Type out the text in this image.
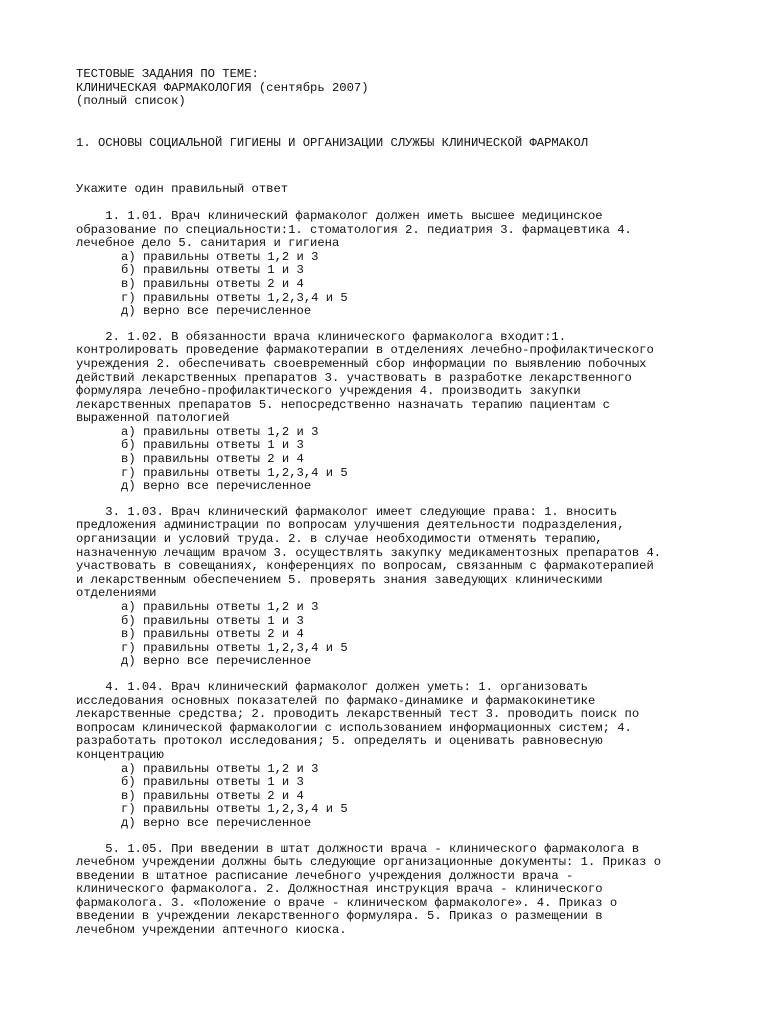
ТЕСТОВЫЕ ЗАДАНИЯ ПО ТЕМЕ:
КЛИНИЧЕСКАЯ ФАРМАКОЛОГИЯ (сентябрь 2007)
(полный список)
1. ОСНОВЫ СОЦИАЛЬНОЙ ГИГИЕНЫ И ОРГАНИЗАЦИИ СЛУЖБЫ КЛИНИЧЕСКОЙ ФАРМАКОЛ
Укажите один правильный ответ
1. 1.01. Врач клинический фармаколог должен иметь высшее медицинское
образование по специальности:1. стоматология 2. педиатрия 3. фармацевтика 4.
лечебное дело 5. санитария и гигиена
а) правильны ответы 1,2 и 3
б) правильны ответы 1 и 3
в) правильны ответы 2 и 4
г) правильны ответы 1,2,3,4 и 5
д) верно все перечисленное
2. 1.02. В обязанности врача клинического фармаколога входит:1.
контролировать проведение фармакотерапии в отделениях лечебно-профилактического
учреждения 2. обеспечивать своевременный сбор информации по выявлению побочных
действий лекарственных препаратов 3. участвовать в разработке лекарственного
формуляра лечебно-профилактического учреждения 4. производить закупки
лекарственных препаратов 5. непосредственно назначать терапию пациентам с
выраженной патологией
а) правильны ответы 1,2 и 3
б) правильны ответы 1 и 3
в) правильны ответы 2 и 4
г) правильны ответы 1,2,3,4 и 5
д) верно все перечисленное
3. 1.03. Врач клинический фармаколог имеет следующие права: 1. вносить
предложения администрации по вопросам улучшения деятельности подразделения,
организации и условий труда. 2. в случае необходимости отменять терапию,
назначенную лечащим врачом 3. осуществлять закупку медикаментозных препаратов 4.
участвовать в совещаниях, конференциях по вопросам, связанным с фармакотерапией
и лекарственным обеспечением 5. проверять знания заведующих клиническими
отделениями
а) правильны ответы 1,2 и 3
б) правильны ответы 1 и 3
в) правильны ответы 2 и 4
г) правильны ответы 1,2,3,4 и 5
д) верно все перечисленное
4. 1.04. Врач клинический фармаколог должен уметь: 1. организовать
исследования основных показателей по фармако-динамике и фармакокинетике
лекарственные средства; 2. проводить лекарственный тест 3. проводить поиск по
вопросам клинической фармакологии с использованием информационных систем; 4.
разработать протокол исследования; 5. определять и оценивать равновесную
концентрацию
а) правильны ответы 1,2 и 3
б) правильны ответы 1 и 3
в) правильны ответы 2 и 4
г) правильны ответы 1,2,3,4 и 5
д) верно все перечисленное
5. 1.05. При введении в штат должности врача - клинического фармаколога в
лечебном учреждении должны быть следующие организационные документы: 1. Приказ о
введении в штатное расписание лечебного учреждения должности врача -
клинического фармаколога. 2. Должностная инструкция врача - клинического
фармаколога. 3. «Положение о враче - клиническом фармакологе». 4. Приказ о
введении в учреждении лекарственного формуляра. 5. Приказ о размещении в
лечебном учреждении аптечного киоска.
